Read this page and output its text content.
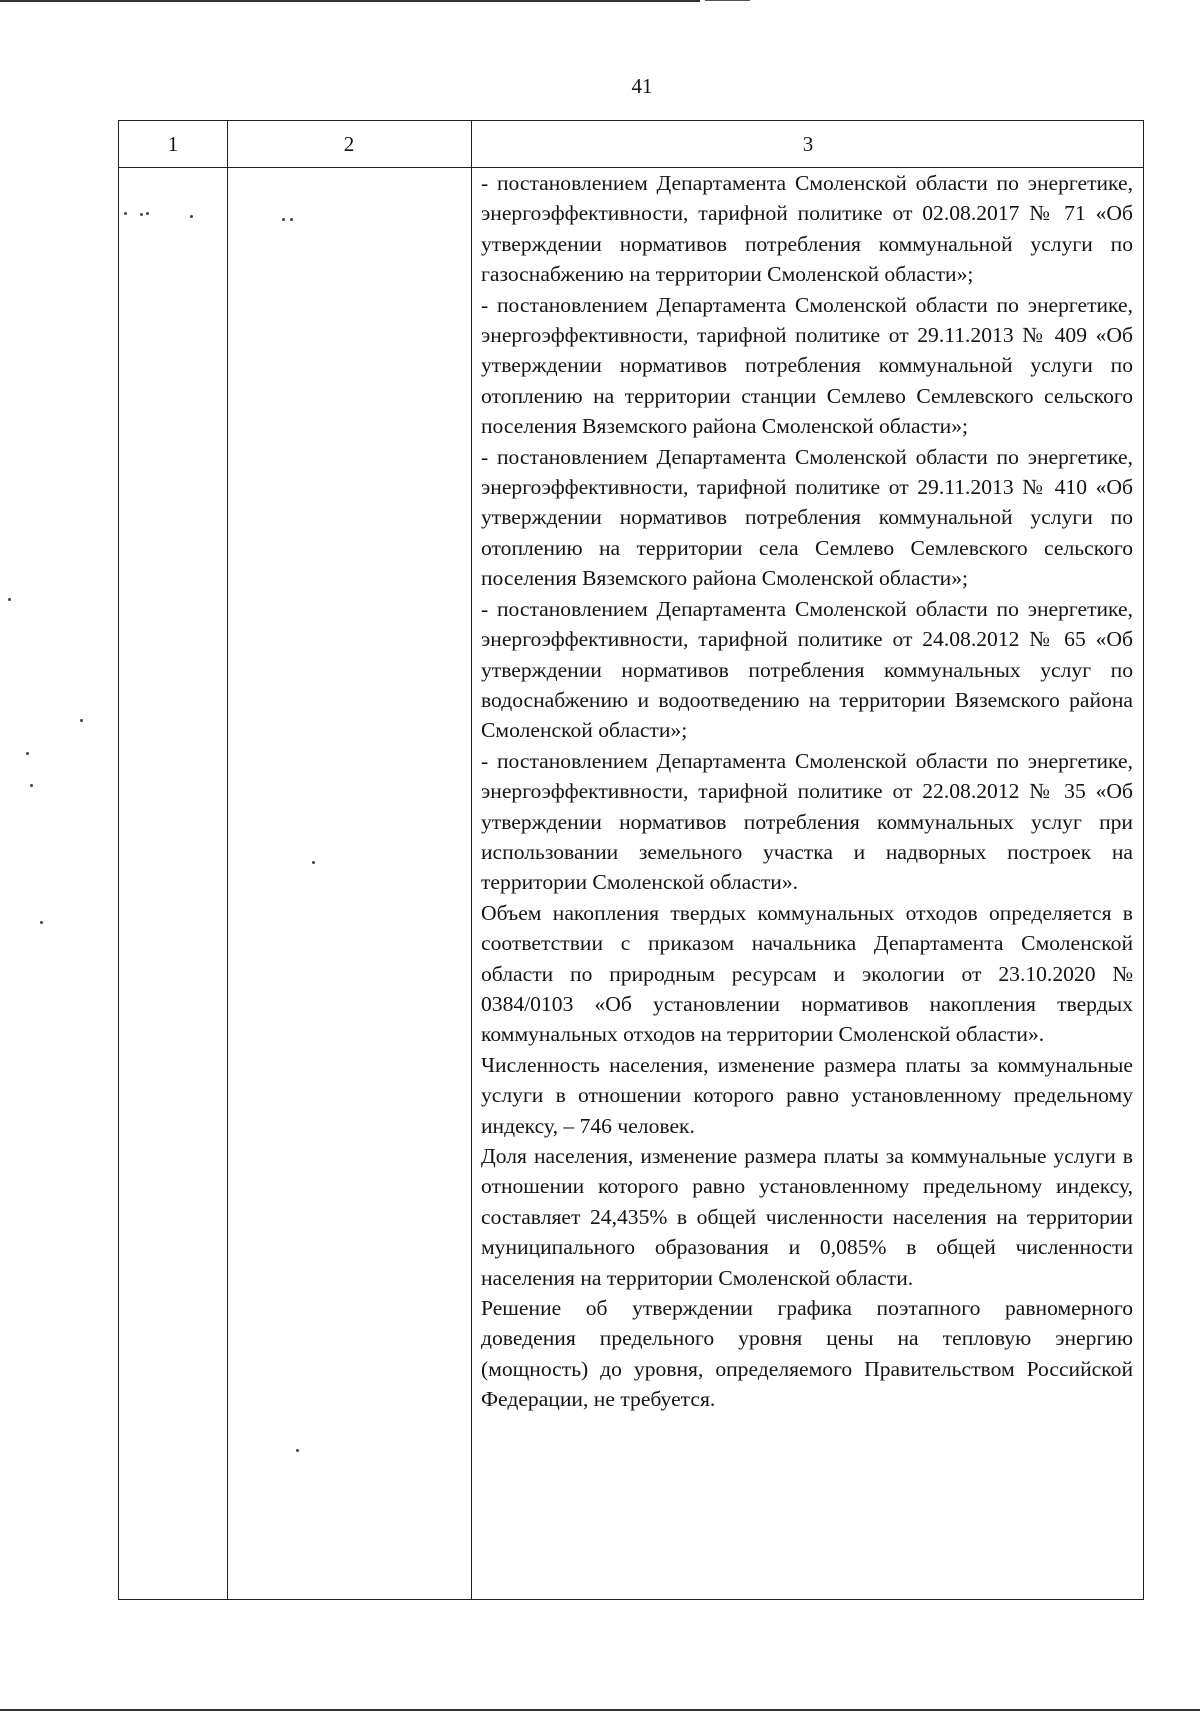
41
1	2	3

- постановлением Департамента Смоленской области по энергетике, энергоэффективности, тарифной политике от 02.08.2017 № 71 «Об утверждении нормативов потребления коммунальной услуги по газоснабжению на территории Смоленской области»;

- постановлением Департамента Смоленской области по энергетике, энергоэффективности, тарифной политике от 29.11.2013 № 409 «Об утверждении нормативов потребления коммунальной услуги по отоплению на территории станции Семлево Семлевского сельского поселения Вяземского района Смоленской области»;

- постановлением Департамента Смоленской области по энергетике, энергоэффективности, тарифной политике от 29.11.2013 № 410 «Об утверждении нормативов потребления коммунальной услуги по отоплению на территории села Семлево Семлевского сельского поселения Вяземского района Смоленской области»;

- постановлением Департамента Смоленской области по энергетике, энергоэффективности, тарифной политике от 24.08.2012 № 65 «Об утверждении нормативов потребления коммунальных услуг по водоснабжению и водоотведению на территории Вяземского района Смоленской области»;

- постановлением Департамента Смоленской области по энергетике, энергоэффективности, тарифной политике от 22.08.2012 № 35 «Об утверждении нормативов потребления коммунальных услуг при использовании земельного участка и надворных построек на территории Смоленской области».

Объем накопления твердых коммунальных отходов определяется в соответствии с приказом начальника Департамента Смоленской области по природным ресурсам и экологии от 23.10.2020 № 0384/0103 «Об установлении нормативов накопления твердых коммунальных отходов на территории Смоленской области».

Численность населения, изменение размера платы за коммунальные услуги в отношении которого равно установленному предельному индексу, – 746 человек.

Доля населения, изменение размера платы за коммунальные услуги в отношении которого равно установленному предельному индексу, составляет 24,435% в общей численности населения на территории муниципального образования и 0,085% в общей численности населения на территории Смоленской области.

Решение об утверждении графика поэтапного равномерного доведения предельного уровня цены на тепловую энергию (мощность) до уровня, определяемого Правительством Российской Федерации, не требуется.
